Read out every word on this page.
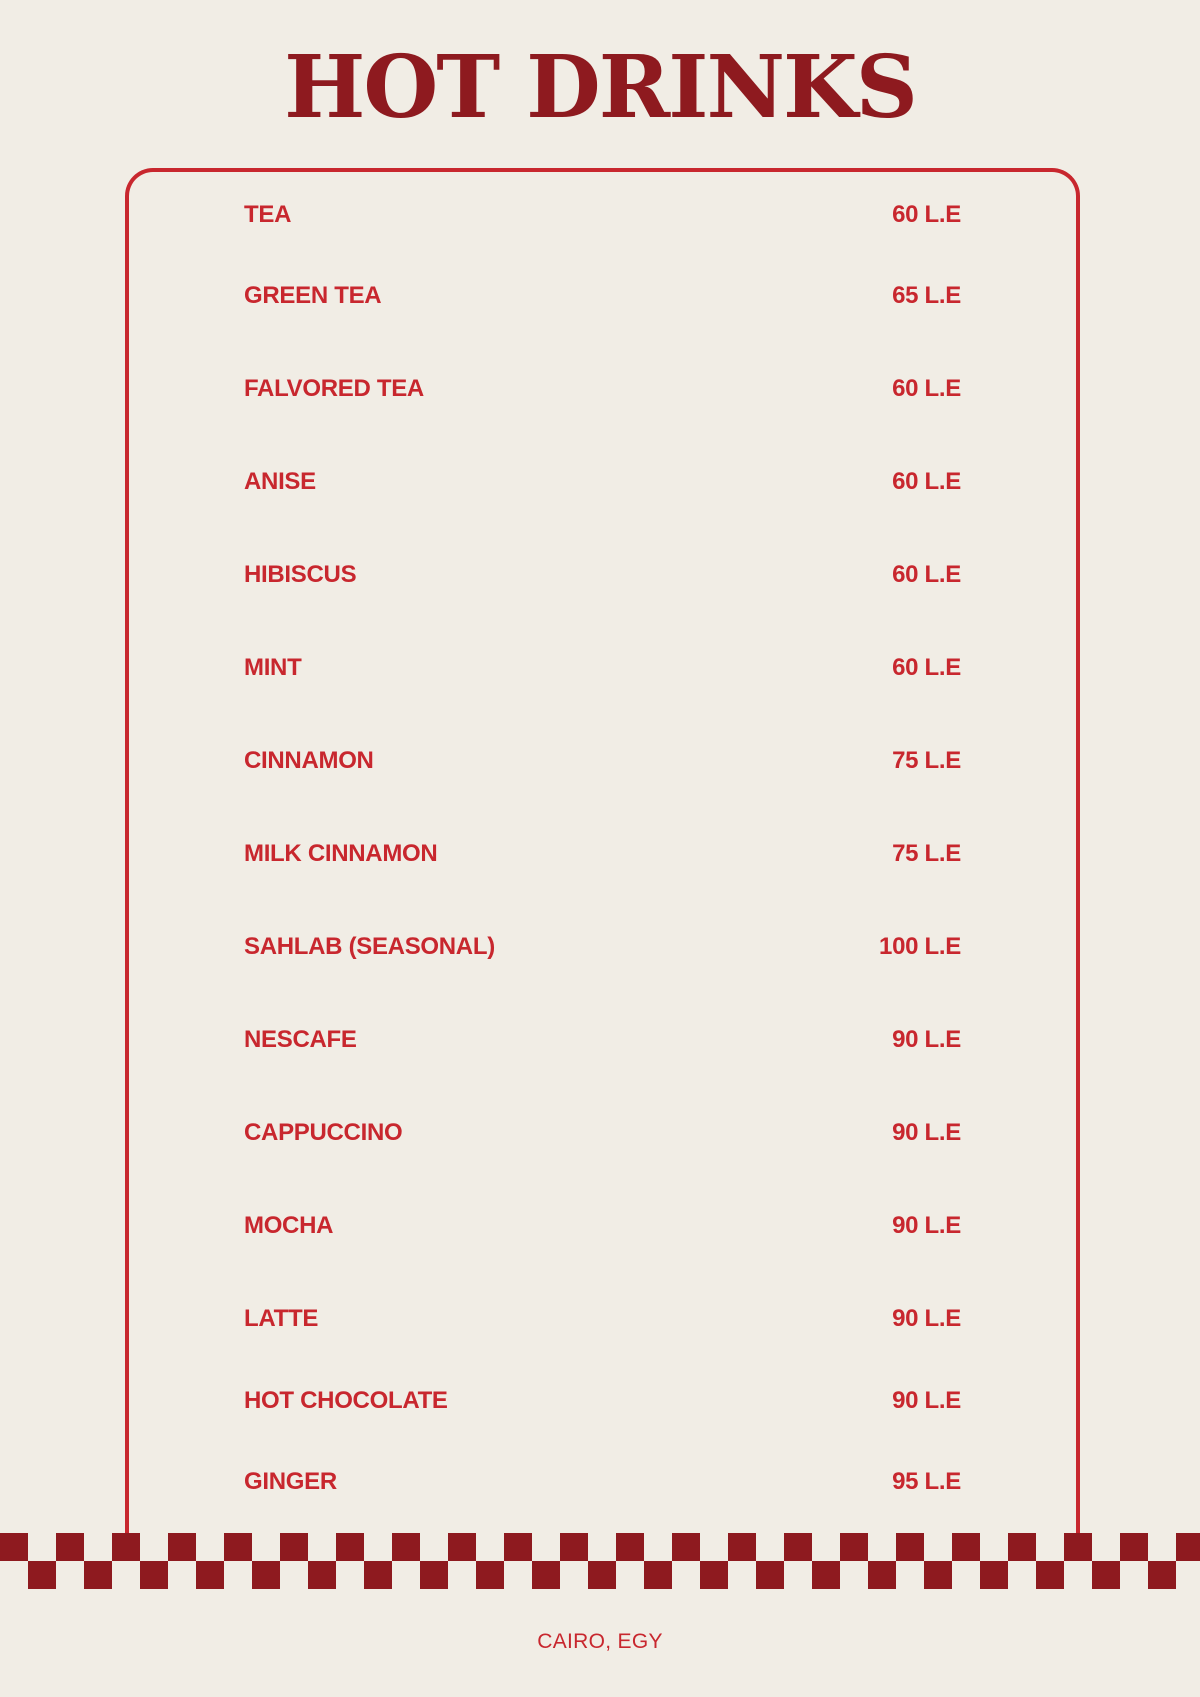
HOT DRINKS
TEA	60 L.E
GREEN TEA	65 L.E
FALVORED TEA	60 L.E
ANISE	60 L.E
HIBISCUS	60 L.E
MINT	60 L.E
CINNAMON	75 L.E
MILK CINNAMON	75 L.E
SAHLAB (SEASONAL)	100 L.E
NESCAFE	90 L.E
CAPPUCCINO	90 L.E
MOCHA	90 L.E
LATTE	90 L.E
HOT CHOCOLATE	90 L.E
GINGER	95 L.E
CAIRO, EGY
